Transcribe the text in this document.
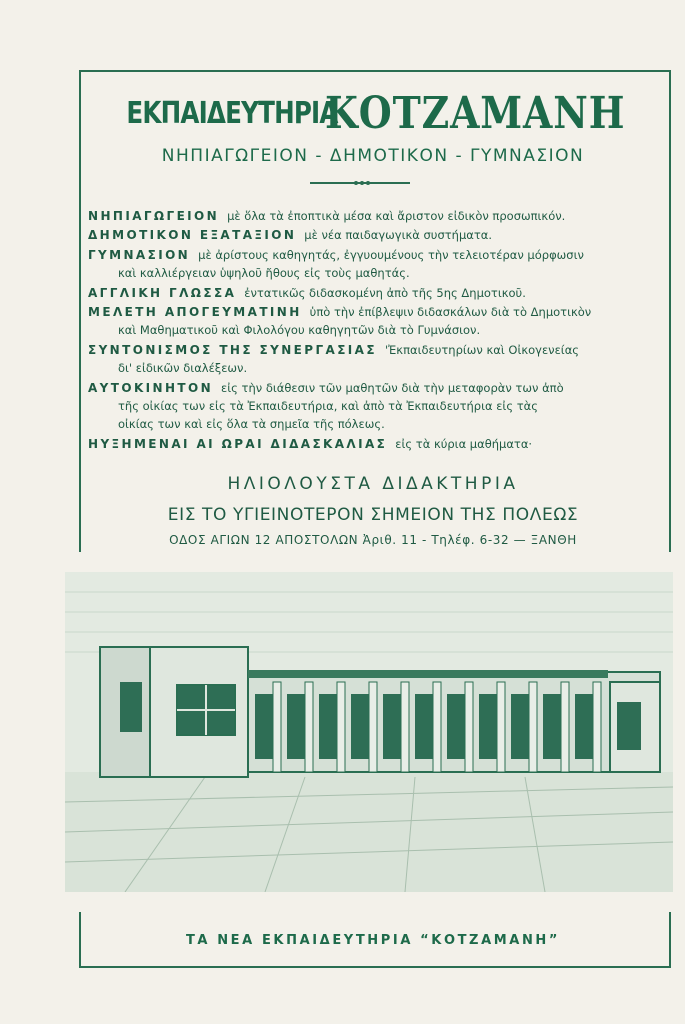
ΕΚΠΑΙΔΕΥΤΗΡΙΑ ΚΟΤΖΑΜΑΝΗ
ΝΗΠΙΑΓΩΓΕΙΟΝ - ΔΗΜΟΤΙΚΟΝ - ΓΥΜΝΑΣΙΟΝ
ΝΗΠΙΑΓΩΓΕΙΟΝ μὲ ὅλα τὰ ἐποπτικὰ μέσα καὶ ἄριστον εἰδικὸν προσωπικόν.
ΔΗΜΟΤΙΚΟΝ ΕΞΑΤΑΞΙΟΝ μὲ νέα παιδαγωγικὰ συστήματα.
ΓΥΜΝΑΣΙΟΝ μὲ ἀρίστους καθηγητάς, ἐγγυουμένους τὴν τελειοτέραν μόρφωσιν
καὶ καλλιέργειαν ὑψηλοῦ ἤθους εἰς τοὺς μαθητάς.
ΑΓΓΛΙΚΗ ΓΛΩΣΣΑ ἐντατικῶς διδασκομένη ἀπὸ τῆς 5ης Δημοτικοῦ.
ΜΕΛΕΤΗ ΑΠΟΓΕΥΜΑΤΙΝΗ ὑπὸ τὴν ἐπίβλεψιν διδασκάλων διὰ τὸ Δημοτικὸν
καὶ Μαθηματικοῦ καὶ Φιλολόγου καθηγητῶν διὰ τὸ Γυμνάσιον.
ΣΥΝΤΟΝΙΣΜΟΣ ΤΗΣ ΣΥΝΕΡΓΑΣΙΑΣ 'Ἐκπαιδευτηρίων καὶ Οἰκογενείας
δι' εἰδικῶν διαλέξεων.
ΑΥΤΟΚΙΝΗΤΟΝ εἰς τὴν διάθεσιν τῶν μαθητῶν διὰ τὴν μεταφορὰν των ἀπὸ
τῆς οἰκίας των εἰς τὰ Ἐκπαιδευτήρια, καὶ ἀπὸ τὰ Ἐκπαιδευτήρια εἰς τὰς
οἰκίας των καὶ εἰς ὅλα τὰ σημεῖα τῆς πόλεως.
ΗΥΞΗΜΕΝΑΙ ΑΙ ΩΡΑΙ ΔΙΔΑΣΚΑΛΙΑΣ εἰς τὰ κύρια μαθήματα·
ΗΛΙΟΛΟΥΣΤΑ ΔΙΔΑΚΤΗΡΙΑ
ΕΙΣ ΤΟ ΥΓΙΕΙΝΟΤΕΡΟΝ ΣΗΜΕΙΟΝ ΤΗΣ ΠΟΛΕΩΣ
ΟΔΟΣ ΑΓΙΩΝ 12 ΑΠΟΣΤΟΛΩΝ Ἀριθ. 11 - Τηλέφ. 6-32 — ΞΑΝΘΗ
ΤΑ ΝΕΑ ΕΚΠΑΙΔΕΥΤΗΡΙΑ “ΚΟΤΖΑΜΑΝΗ”
